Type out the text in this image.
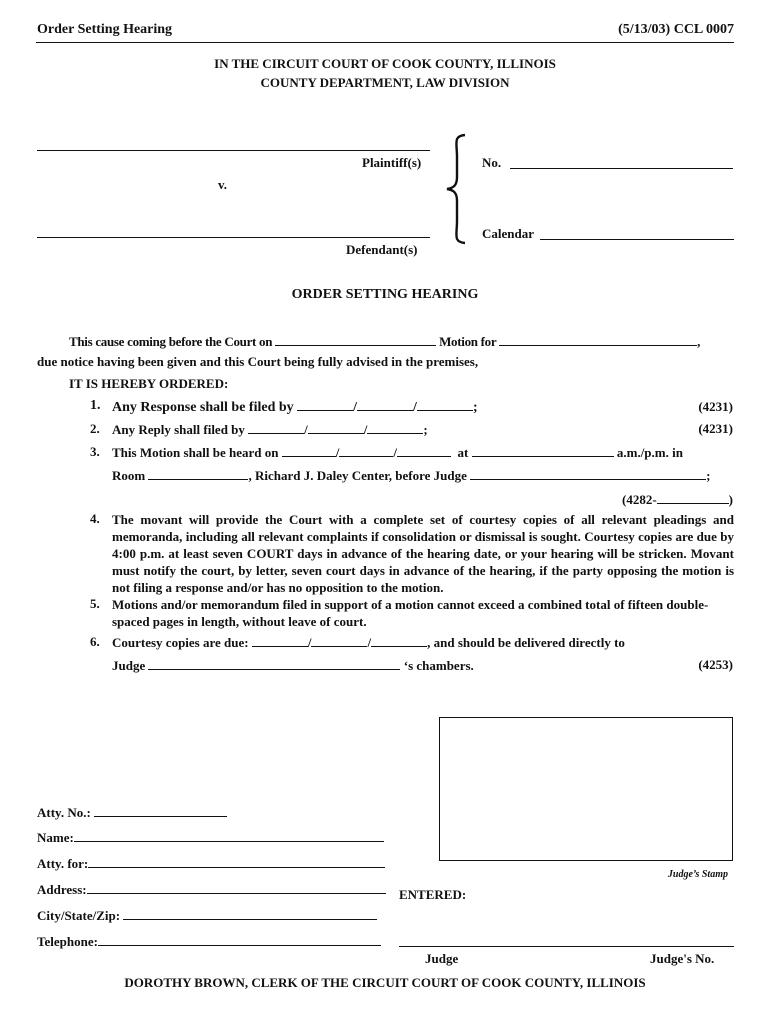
Order Setting Hearing	(5/13/03) CCL 0007
IN THE CIRCUIT COURT OF COOK COUNTY, ILLINOIS
COUNTY DEPARTMENT, LAW DIVISION
Plaintiff(s)
v.
Defendant(s)
No.
Calendar
ORDER SETTING HEARING
This cause coming before the Court on	Motion for	,
due notice having been given and this Court being fully advised in the premises,
IT IS HEREBY ORDERED:
1. Any Response shall be filed by	/	/	;	(4231)
2. Any Reply shall filed by	/	/	;	(4231)
3. This Motion shall be heard on	/	/	at	a.m./p.m. in
Room	, Richard J. Daley Center, before Judge	;
(4282-	)
4. The movant will provide the Court with a complete set of courtesy copies of all relevant pleadings and memoranda, including all relevant complaints if consolidation or dismissal is sought. Courtesy copies are due by 4:00 p.m. at least seven COURT days in advance of the hearing date, or your hearing will be stricken. Movant must notify the court, by letter, seven court days in advance of the hearing, if the party opposing the motion is not filing a response and/or has no opposition to the motion.
5. Motions and/or memorandum filed in support of a motion cannot exceed a combined total of fifteen double-spaced pages in length, without leave of court.
6. Courtesy copies are due:	/	/	, and should be delivered directly to
Judge	‘s chambers.	(4253)
Judge’s Stamp
Atty. No.:
Name:
Atty. for:
Address:
City/State/Zip:
Telephone:
ENTERED:
Judge	Judge's No.
DOROTHY BROWN, CLERK OF THE CIRCUIT COURT OF COOK COUNTY, ILLINOIS
